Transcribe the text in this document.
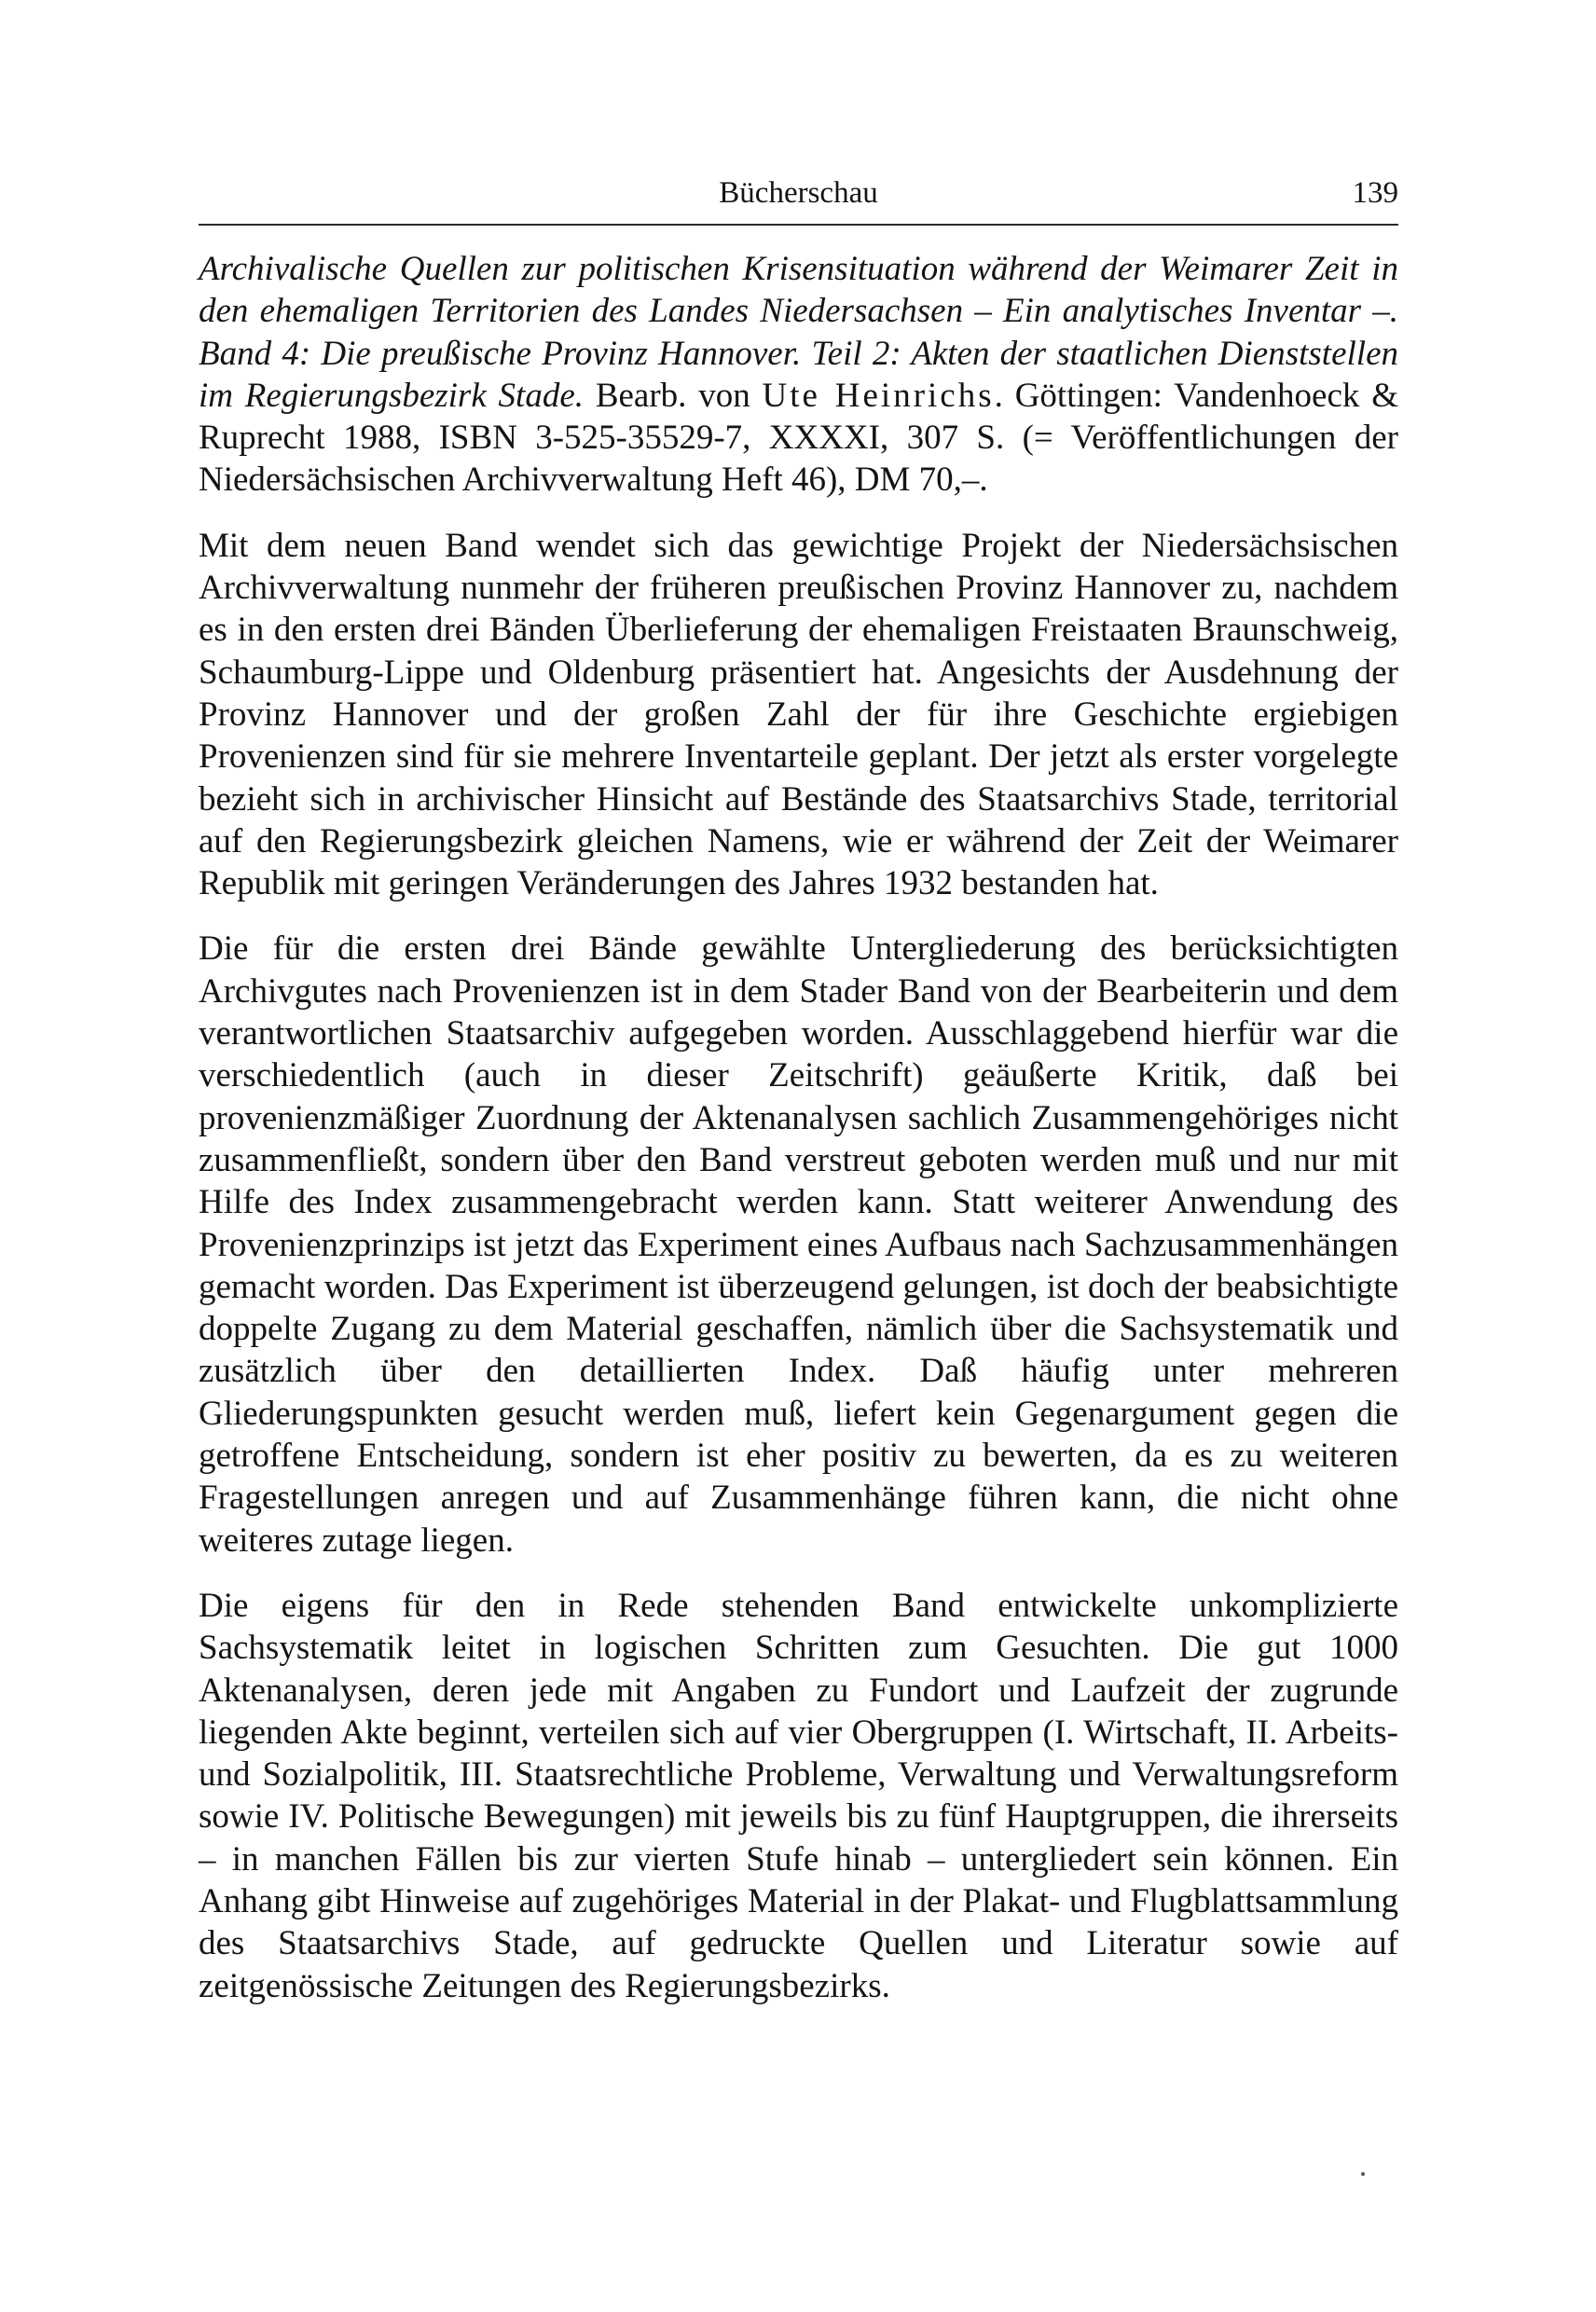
Bücherschau	139

Archivalische Quellen zur politischen Krisensituation während der Weimarer Zeit in den ehemaligen Territorien des Landes Niedersachsen – Ein analytisches Inventar –. Band 4: Die preußische Provinz Hannover. Teil 2: Akten der staatlichen Dienststellen im Regierungsbezirk Stade. Bearb. von Ute Heinrichs. Göttingen: Vandenhoeck & Ruprecht 1988, ISBN 3-525-35529-7, XXXXI, 307 S. (= Veröffentlichungen der Niedersächsischen Archivverwaltung Heft 46), DM 70,–.

Mit dem neuen Band wendet sich das gewichtige Projekt der Niedersächsischen Archivverwaltung nunmehr der früheren preußischen Provinz Hannover zu, nachdem es in den ersten drei Bänden Überlieferung der ehemaligen Freistaaten Braunschweig, Schaumburg-Lippe und Oldenburg präsentiert hat. Angesichts der Ausdehnung der Provinz Hannover und der großen Zahl der für ihre Geschichte ergiebigen Provenienzen sind für sie mehrere Inventarteile geplant. Der jetzt als erster vorgelegte bezieht sich in archivischer Hinsicht auf Bestände des Staatsarchivs Stade, territorial auf den Regierungsbezirk gleichen Namens, wie er während der Zeit der Weimarer Republik mit geringen Veränderungen des Jahres 1932 bestanden hat.

Die für die ersten drei Bände gewählte Untergliederung des berücksichtigten Archivgutes nach Provenienzen ist in dem Stader Band von der Bearbeiterin und dem verantwortlichen Staatsarchiv aufgegeben worden. Ausschlaggebend hierfür war die verschiedentlich (auch in dieser Zeitschrift) geäußerte Kritik, daß bei provenienzmäßiger Zuordnung der Aktenanalysen sachlich Zusammengehöriges nicht zusammenfließt, sondern über den Band verstreut geboten werden muß und nur mit Hilfe des Index zusammengebracht werden kann. Statt weiterer Anwendung des Provenienzprinzips ist jetzt das Experiment eines Aufbaus nach Sachzusammenhängen gemacht worden. Das Experiment ist überzeugend gelungen, ist doch der beabsichtigte doppelte Zugang zu dem Material geschaffen, nämlich über die Sachsystematik und zusätzlich über den detaillierten Index. Daß häufig unter mehreren Gliederungspunkten gesucht werden muß, liefert kein Gegenargument gegen die getroffene Entscheidung, sondern ist eher positiv zu bewerten, da es zu weiteren Fragestellungen anregen und auf Zusammenhänge führen kann, die nicht ohne weiteres zutage liegen.

Die eigens für den in Rede stehenden Band entwickelte unkomplizierte Sachsystematik leitet in logischen Schritten zum Gesuchten. Die gut 1000 Aktenanalysen, deren jede mit Angaben zu Fundort und Laufzeit der zugrunde liegenden Akte beginnt, verteilen sich auf vier Obergruppen (I. Wirtschaft, II. Arbeits- und Sozialpolitik, III. Staatsrechtliche Probleme, Verwaltung und Verwaltungsreform sowie IV. Politische Bewegungen) mit jeweils bis zu fünf Hauptgruppen, die ihrerseits – in manchen Fällen bis zur vierten Stufe hinab – untergliedert sein können. Ein Anhang gibt Hinweise auf zugehöriges Material in der Plakat- und Flugblattsammlung des Staatsarchivs Stade, auf gedruckte Quellen und Literatur sowie auf zeitgenössische Zeitungen des Regierungsbezirks.
